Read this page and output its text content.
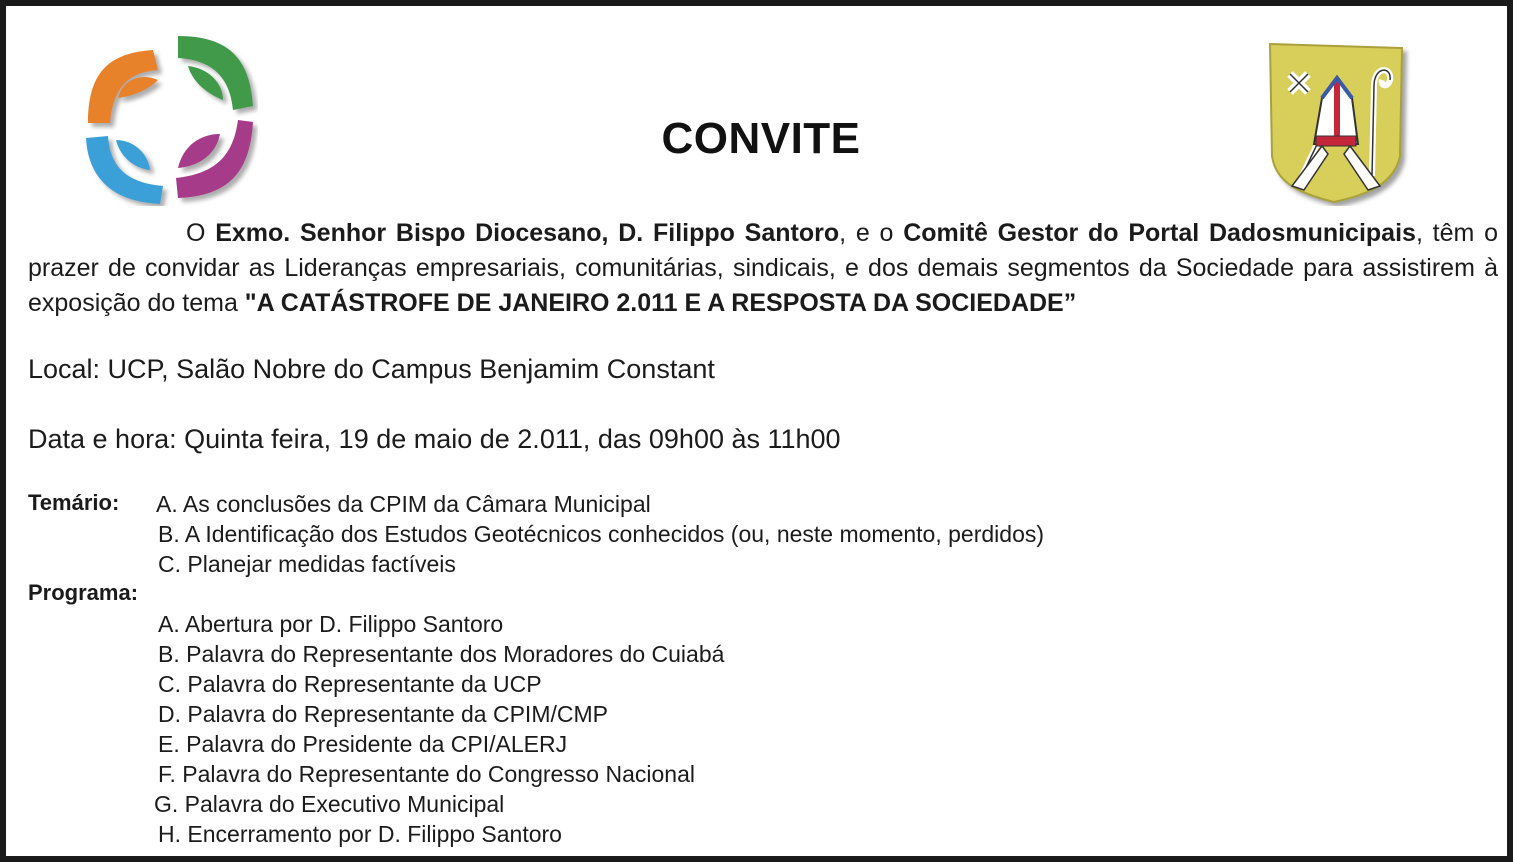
CONVITE
O Exmo. Senhor Bispo Diocesano, D. Filippo Santoro, e o Comitê Gestor do Portal Dadosmunicipais, têm o prazer de convidar as Lideranças empresariais, comunitárias, sindicais, e dos demais segmentos da Sociedade para assistirem à exposição do tema "A CATÁSTROFE DE JANEIRO 2.011 E A RESPOSTA DA SOCIEDADE”
Local: UCP, Salão Nobre do Campus Benjamim Constant
Data e hora: Quinta feira, 19 de maio de 2.011, das 09h00 às 11h00
Temário: A. As conclusões da CPIM da Câmara Municipal
B. A Identificação dos Estudos Geotécnicos conhecidos (ou, neste momento, perdidos)
C. Planejar medidas factíveis
Programa:
A. Abertura por D. Filippo Santoro
B. Palavra do Representante dos Moradores do Cuiabá
C. Palavra do Representante da UCP
D. Palavra do Representante da CPIM/CMP
E. Palavra do Presidente da CPI/ALERJ
F. Palavra do Representante do Congresso Nacional
G. Palavra do Executivo Municipal
H. Encerramento por D. Filippo Santoro
